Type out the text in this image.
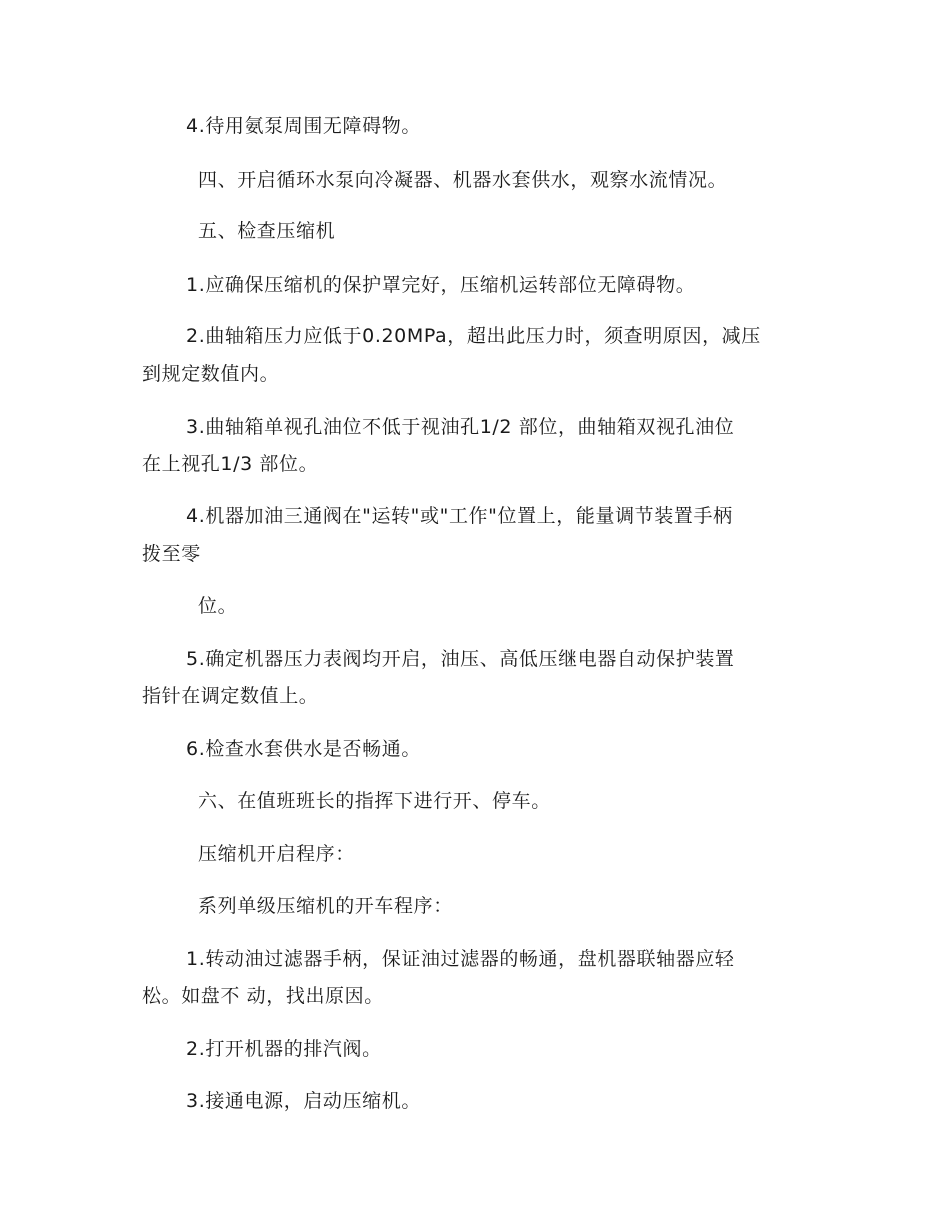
4.待用氨泵周围无障碍物。
四、开启循环水泵向冷凝器、机器水套供水，观察水流情况。
五、检查压缩机
1.应确保压缩机的保护罩完好，压缩机运转部位无障碍物。
2.曲轴箱压力应低于0.20MPa，超出此压力时，须查明原因，减压
到规定数值内。
3.曲轴箱单视孔油位不低于视油孔1/2 部位，曲轴箱双视孔油位
在上视孔1/3 部位。
4.机器加油三通阀在"运转"或"工作"位置上，能量调节装置手柄
拨至零
位。
5.确定机器压力表阀均开启，油压、高低压继电器自动保护装置
指针在调定数值上。
6.检查水套供水是否畅通。
六、在值班班长的指挥下进行开、停车。
压缩机开启程序：
系列单级压缩机的开车程序：
1.转动油过滤器手柄，保证油过滤器的畅通，盘机器联轴器应轻
松。如盘不 动，找出原因。
2.打开机器的排汽阀。
3.接通电源，启动压缩机。
